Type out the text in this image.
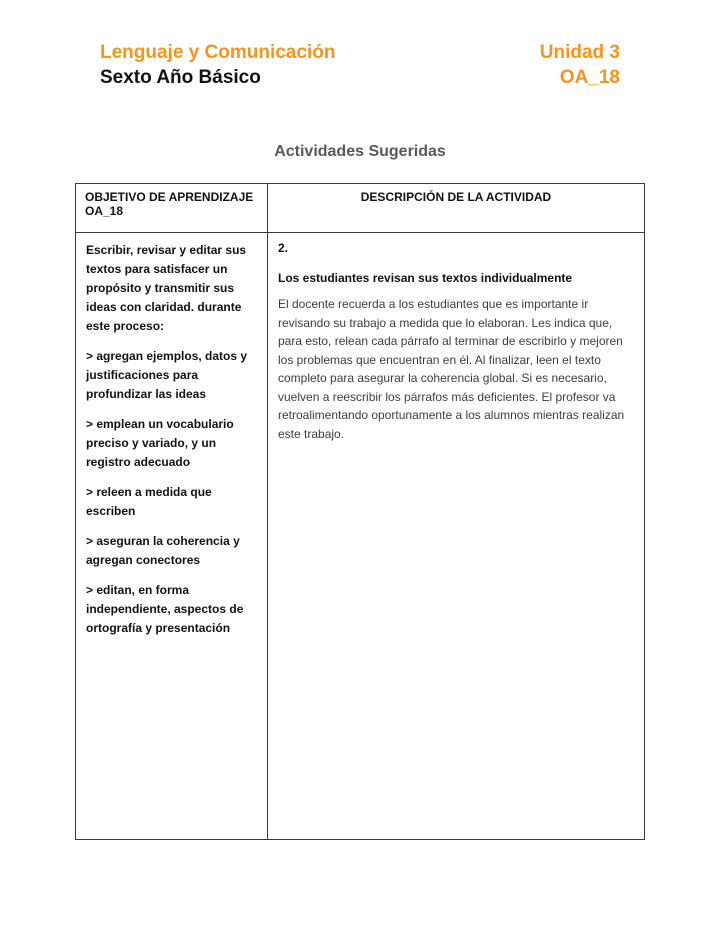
Lenguaje y Comunicación
Sexto Año Básico
Unidad 3
OA_18
Actividades Sugeridas
OBJETIVO DE APRENDIZAJE OA_18
DESCRIPCIÓN DE LA ACTIVIDAD

Escribir, revisar y editar sus textos para satisfacer un propósito y transmitir sus ideas con claridad. durante este proceso:

> agregan ejemplos, datos y justificaciones para profundizar las ideas

> emplean un vocabulario preciso y variado, y un registro adecuado

> releen a medida que escriben

> aseguran la coherencia y agregan conectores

> editan, en forma independiente, aspectos de ortografía y presentación

2.

Los estudiantes revisan sus textos individualmente

El docente recuerda a los estudiantes que es importante ir revisando su trabajo a medida que lo elaboran. Les indica que, para esto, relean cada párrafo al terminar de escribirlo y mejoren los problemas que encuentran en él. Al finalizar, leen el texto completo para asegurar la coherencia global. Si es necesario, vuelven a reescribir los párrafos más deficientes. El profesor va retroalimentando oportunamente a los alumnos mientras realizan este trabajo.
